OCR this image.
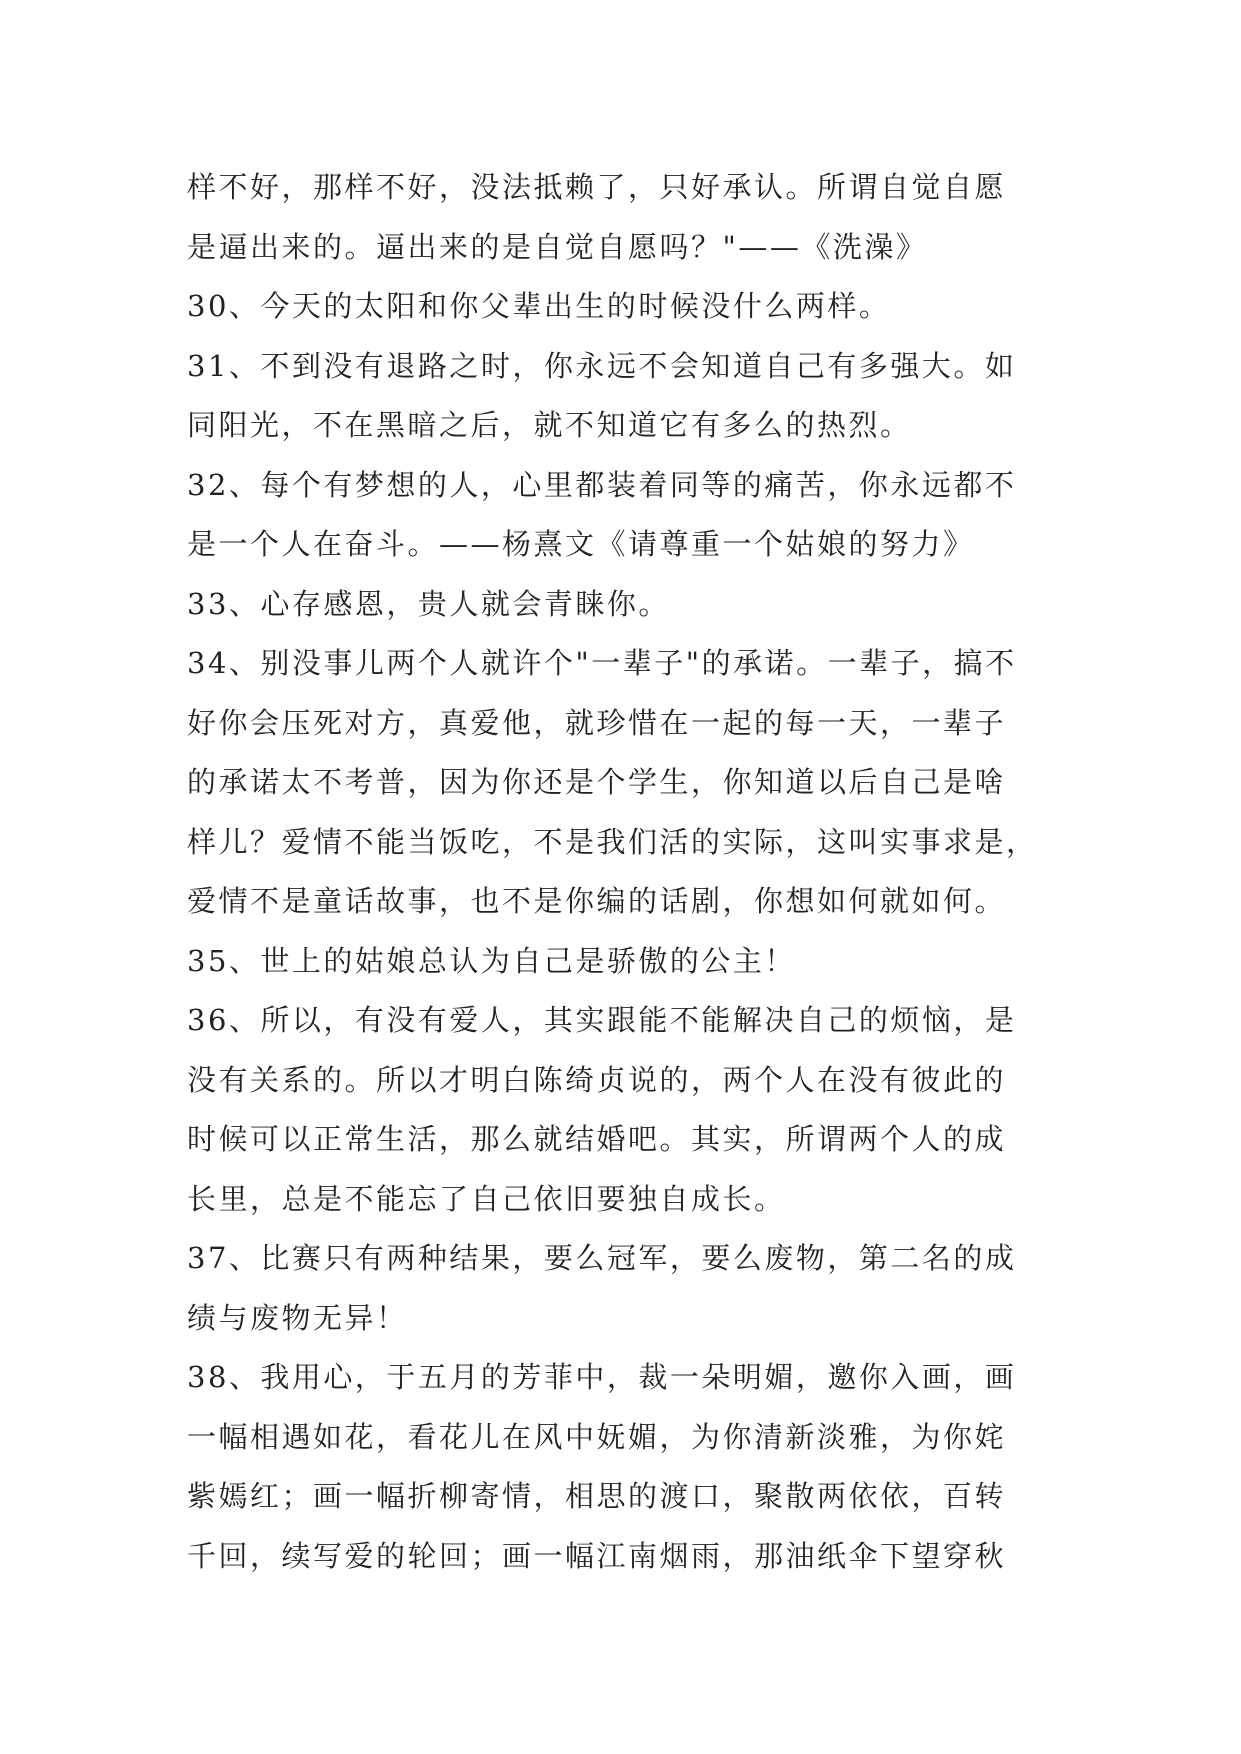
样不好，那样不好，没法抵赖了，只好承认。所谓自觉自愿
是逼出来的。逼出来的是自觉自愿吗？"——《洗澡》
30、今天的太阳和你父辈出生的时候没什么两样。
31、不到没有退路之时，你永远不会知道自己有多强大。如
同阳光，不在黑暗之后，就不知道它有多么的热烈。
32、每个有梦想的人，心里都装着同等的痛苦，你永远都不
是一个人在奋斗。——杨熹文《请尊重一个姑娘的努力》
33、心存感恩，贵人就会青睐你。
34、别没事儿两个人就许个"一辈子"的承诺。一辈子，搞不
好你会压死对方，真爱他，就珍惜在一起的每一天，一辈子
的承诺太不考普，因为你还是个学生，你知道以后自己是啥
样儿？爱情不能当饭吃，不是我们活的实际，这叫实事求是，
爱情不是童话故事，也不是你编的话剧，你想如何就如何。
35、世上的姑娘总认为自己是骄傲的公主！
36、所以，有没有爱人，其实跟能不能解决自己的烦恼，是
没有关系的。所以才明白陈绮贞说的，两个人在没有彼此的
时候可以正常生活，那么就结婚吧。其实，所谓两个人的成
长里，总是不能忘了自己依旧要独自成长。
37、比赛只有两种结果，要么冠军，要么废物，第二名的成
绩与废物无异！
38、我用心，于五月的芳菲中，裁一朵明媚，邀你入画，画
一幅相遇如花，看花儿在风中妩媚，为你清新淡雅，为你姹
紫嫣红；画一幅折柳寄情，相思的渡口，聚散两依依，百转
千回，续写爱的轮回；画一幅江南烟雨，那油纸伞下望穿秋
